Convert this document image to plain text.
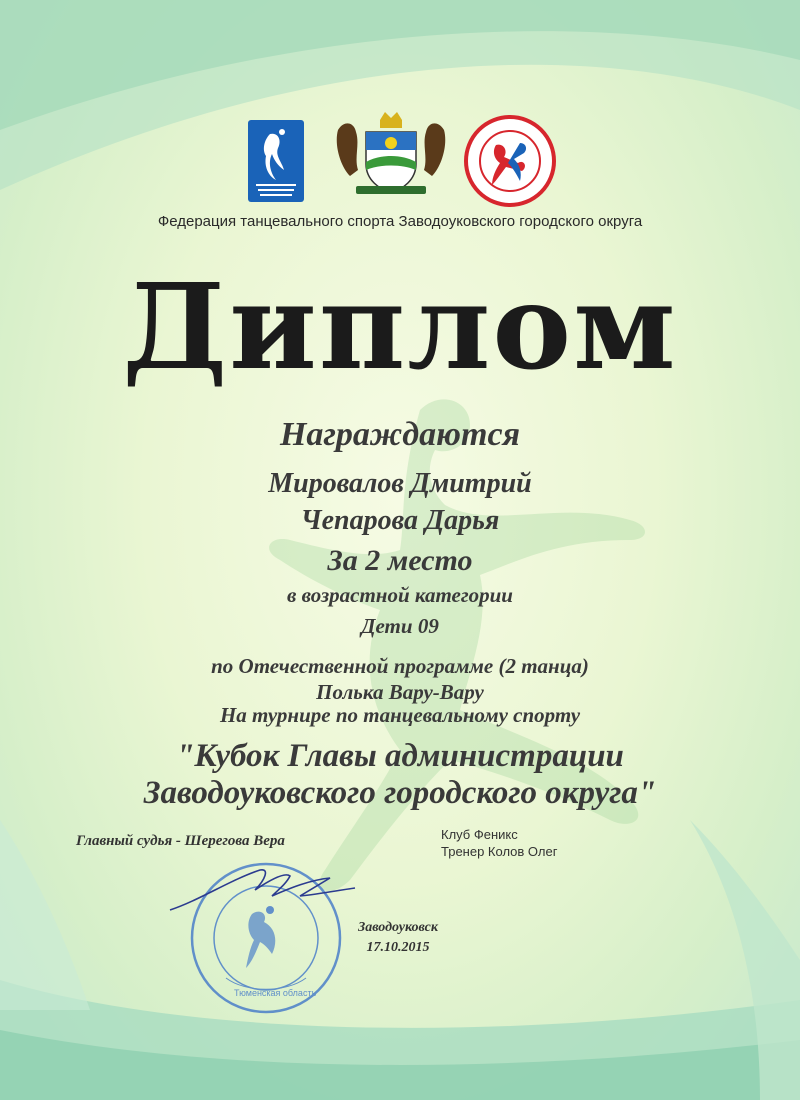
Федерация танцевального спорта Заводоуковского городского округа
Диплом
Награждаются
Мировалов Дмитрий
Чепарова Дарья
За 2 место
в возрастной категории
Дети 09
по Отечественной программе (2 танца)
Полька Вару-Вару
На турнире по танцевальному спорту
"Кубок Главы администрации
Заводоуковского городского округа"
Главный судья - Шерегова Вера	Клуб Феникс
Тренер Колов Олег
Тюменская область
Заводоуковск
17.10.2015
